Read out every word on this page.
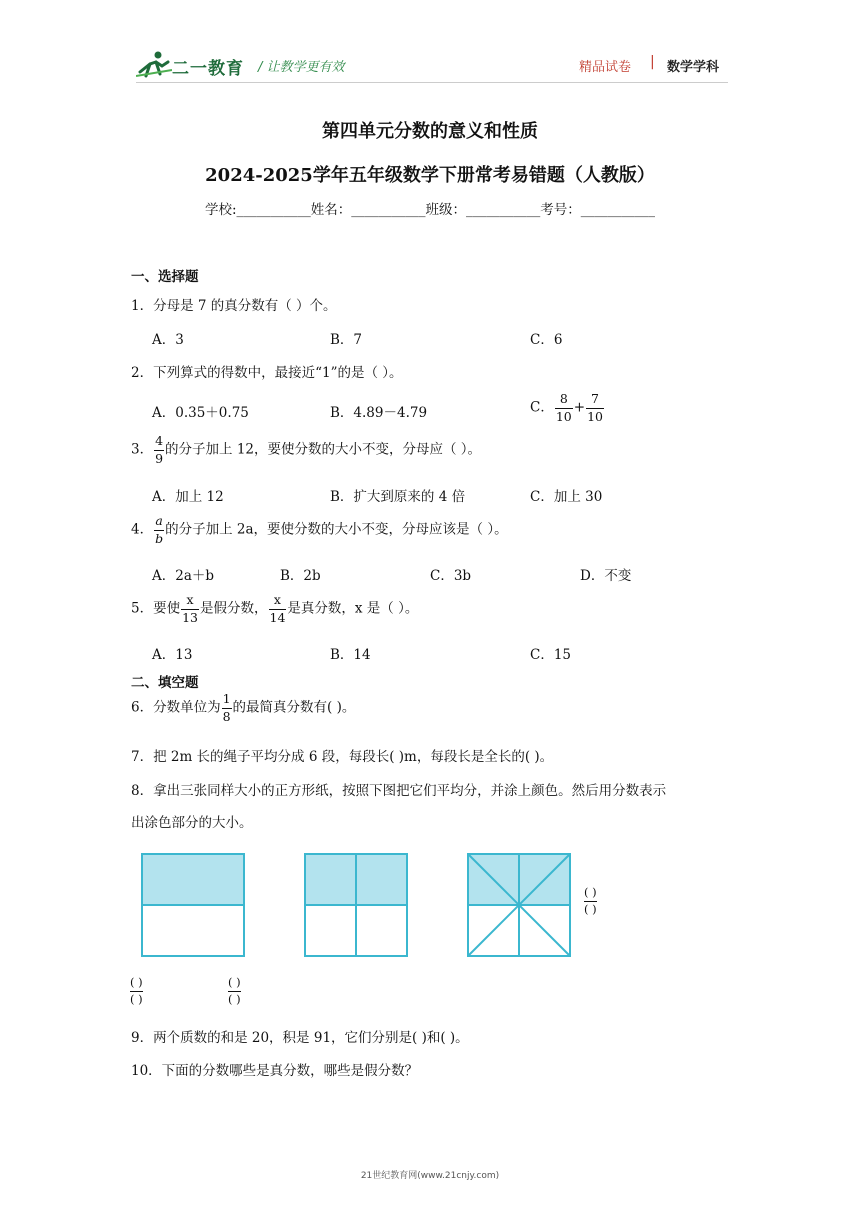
二一教育 / 让教学更有效	精品试卷 | 数学学科
第四单元分数的意义和性质
2024-2025学年五年级数学下册常考易错题（人教版）
学校:___________姓名：___________班级：___________考号：___________
一、选择题
1．分母是 7 的真分数有（ ）个。
A．3	B．7	C．6
2．下列算式的得数中，最接近“1”的是（ ）。
A．0.35＋0.75	B．4.89－4.79	C． $\frac{8}{10} + \frac{7}{10}$
3． $\frac{4}{9}$ 的分子加上 12，要使分数的大小不变，分母应（ ）。
A．加上 12	B．扩大到原来的 4 倍	C．加上 30
4． $\frac{a}{b}$ 的分子加上 2a，要使分数的大小不变，分母应该是（ ）。
A．2a＋b	B．2b	C．3b	D．不变
5．要使 $\frac{x}{13}$ 是假分数， $\frac{x}{14}$ 是真分数，x 是（ ）。
A．13	B．14	C．15
二、填空题
6．分数单位为 $\frac{1}{8}$ 的最简真分数有( )。
7．把 2m 长的绳子平均分成 6 段，每段长( )m，每段长是全长的( )。
8．拿出三张同样大小的正方形纸，按照下图把它们平均分，并涂上颜色。然后用分数表示
出涂色部分的大小。
( )
( )
( )
( )
( )
( )
9．两个质数的和是 20，积是 91，它们分别是( )和( )。
10．下面的分数哪些是真分数，哪些是假分数？
21世纪教育网(www.21cnjy.com)
